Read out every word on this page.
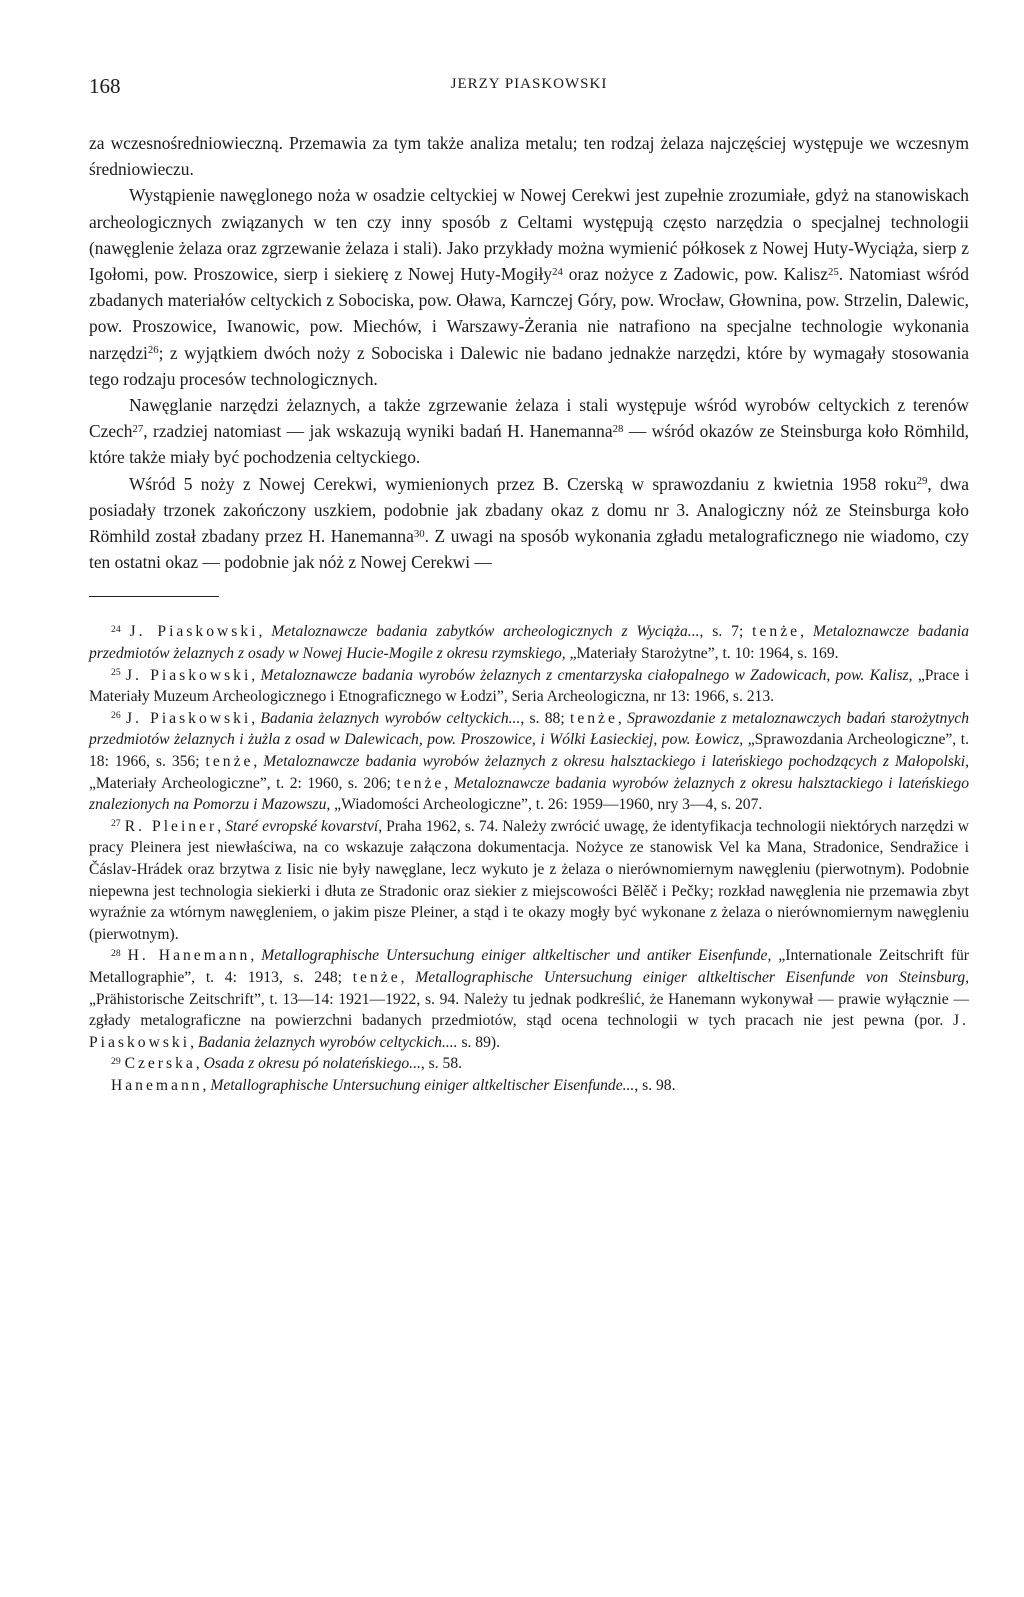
168	JERZY PIASKOWSKI

za wczesnośredniowieczną. Przemawia za tym także analiza metalu; ten rodzaj żelaza najczęściej występuje we wczesnym średniowieczu.

Wystąpienie nawęglonego noża w osadzie celtyckiej w Nowej Cerekwi jest zupełnie zrozumiałe, gdyż na stanowiskach archeologicznych związanych w ten czy inny sposób z Celtami występują często narzędzia o specjalnej technologii (nawęglenie żelaza oraz zgrzewanie żelaza i stali). Jako przykłady można wymienić półkosek z Nowej Huty-Wyciąża, sierp z Igołomi, pow. Proszowice, sierp i siekierę z Nowej Huty-Mogiły$^{24}$ oraz nożyce z Zadowic, pow. Kalisz$^{25}$. Natomiast wśród zbadanych materiałów celtyckich z Sobociska, pow. Oława, Karnczej Góry, pow. Wrocław, Głownina, pow. Strzelin, Dalewic, pow. Proszowice, Iwanowic, pow. Miechów, i Warszawy-Żerania nie natrafiono na specjalne technologie wykonania narzędzi$^{26}$; z wyjątkiem dwóch noży z Sobociska i Dalewic nie badano jednakże narzędzi, które by wymagały stosowania tego rodzaju procesów technologicznych.

Nawęglanie narzędzi żelaznych, a także zgrzewanie żelaza i stali występuje wśród wyrobów celtyckich z terenów Czech$^{27}$, rzadziej natomiast — jak wskazują wyniki badań H. Hanemanna$^{28}$ — wśród okazów ze Steinsburga koło Römhild, które także miały być pochodzenia celtyckiego.

Wśród 5 noży z Nowej Cerekwi, wymienionych przez B. Czerską w sprawozdaniu z kwietnia 1958 roku$^{29}$, dwa posiadały trzonek zakończony uszkiem, podobnie jak zbadany okaz z domu nr 3. Analogiczny nóż ze Steinsburga koło Römhild został zbadany przez H. Hanemanna$^{30}$. Z uwagi na sposób wykonania zgładu metalograficznego nie wiadomo, czy ten ostatni okaz — podobnie jak nóż z Nowej Cerekwi —

$^{24}$ J. Piaskowski, Metaloznawcze badania zabytków archeologicznych z Wyciąża..., s. 7; tenże, Metaloznawcze badania przedmiotów żelaznych z osady w Nowej Hucie-Mogile z okresu rzymskiego, „Materiały Starożytne”, t. 10: 1964, s. 169.

$^{25}$ J. Piaskowski, Metaloznawcze badania wyrobów żelaznych z cmentarzyska ciałopalnego w Zadowicach, pow. Kalisz, „Prace i Materiały Muzeum Archeologicznego i Etnograficznego w Łodzi”, Seria Archeologiczna, nr 13: 1966, s. 213.

$^{26}$ J. Piaskowski, Badania żelaznych wyrobów celtyckich..., s. 88; tenże, Sprawozdanie z metaloznawczych badań starożytnych przedmiotów żelaznych i żużla z osad w Dalewicach, pow. Proszowice, i Wólki Łasieckiej, pow. Łowicz, „Sprawozdania Archeologiczne”, t. 18: 1966, s. 356; tenże, Metaloznawcze badania wyrobów żelaznych z okresu halsztackiego i lateńskiego pochodzących z Małopolski, „Materiały Archeologiczne”, t. 2: 1960, s. 206; tenże, Metaloznawcze badania wyrobów żelaznych z okresu halsztackiego i lateńskiego znalezionych na Pomorzu i Mazowszu, „Wiadomości Archeologiczne”, t. 26: 1959—1960, nry 3—4, s. 207.

$^{27}$ R. Pleiner, Staré evropské kovarství, Praha 1962, s. 74. Należy zwrócić uwagę, że identyfikacja technologii niektórych narzędzi w pracy Pleinera jest niewłaściwa, na co wskazuje załączona dokumentacja. Nożyce ze stanowisk Vel ka Mana, Stradonice, Sendražice i Čáslav-Hrádek oraz brzytwa z Iisic nie były nawęglane, lecz wykuto je z żelaza o nierównomiernym nawęgleniu (pierwotnym). Podobnie niepewna jest technologia siekierki i dłuta ze Stradonic oraz siekier z miejscowości Bělěč i Pečky; rozkład nawęglenia nie przemawia zbyt wyraźnie za wtórnym nawęgleniem, o jakim pisze Pleiner, a stąd i te okazy mogły być wykonane z żelaza o nierównomiernym nawęgleniu (pierwotnym).

$^{28}$ H. Hanemann, Metallographische Untersuchung einiger altkeltischer und antiker Eisenfunde, „Internationale Zeitschrift für Metallographie”, t. 4: 1913, s. 248; tenże, Metallographische Untersuchung einiger altkeltischer Eisenfunde von Steinsburg, „Prähistorische Zeitschrift”, t. 13—14: 1921—1922, s. 94. Należy tu jednak podkreślić, że Hanemann wykonywał — prawie wyłącznie — zgłady metalograficzne na powierzchni badanych przedmiotów, stąd ocena technologii w tych pracach nie jest pewna (por. J. Piaskowski, Badania żelaznych wyrobów celtyckich.... s. 89).

$^{29}$ Czerska, Osada z okresu pó nolateńskiego..., s. 58.

Hanemann, Metallographische Untersuchung einiger altkeltischer Eisenfunde..., s. 98.
